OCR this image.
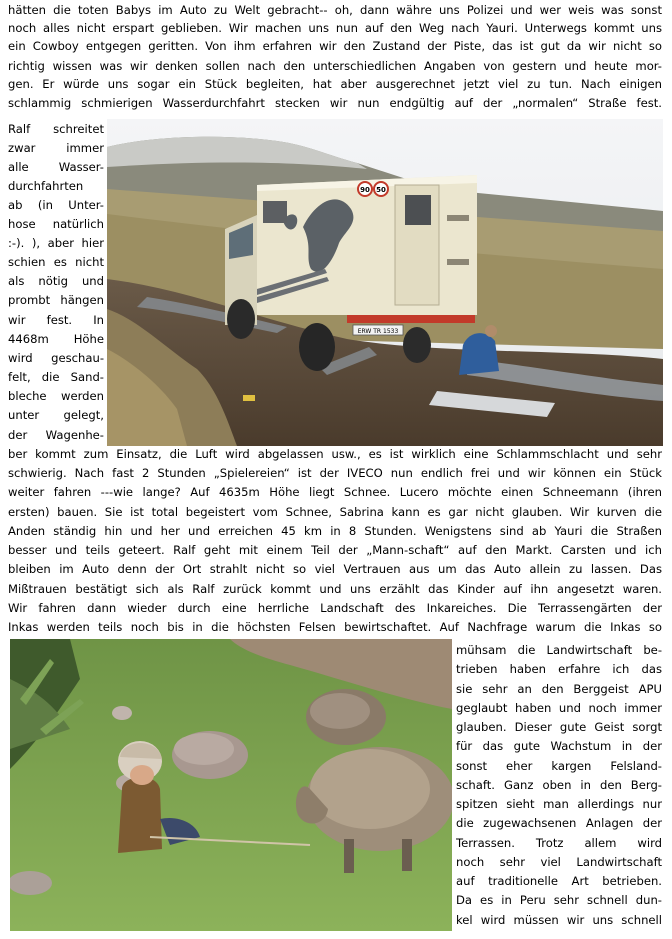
hätten die toten Babys im Auto zu Welt gebracht-- oh, dann währe uns Polizei und wer weis was sonst
noch alles nicht erspart geblieben. Wir machen uns nun auf den Weg nach Yauri. Unterwegs kommt uns
ein Cowboy entgegen geritten. Von ihm erfahren wir den Zustand der Piste, das ist gut da wir nicht so
richtig wissen was wir denken sollen nach den unterschiedlichen Angaben von gestern und heute mor-
gen. Er würde uns sogar ein Stück begleiten, hat aber ausgerechnet jetzt viel zu tun. Nach einigen
schlammig schmierigen Wasserdurchfahrt stecken wir nun endgültig auf der „normalen“ Straße fest.
Ralf schreitet
zwar immer
alle Wasser-
durchfahrten
ab (in Unter-
hose natürlich
:-). ), aber hier
schien es nicht
als nötig und
prombt hängen
wir fest. In
4468m Höhe
wird geschau-
felt, die Sand-
bleche werden
unter gelegt,
der Wagenhe-
90 50
ERW TR 1533
ber kommt zum Einsatz, die Luft wird abgelassen usw., es ist wirklich eine Schlammschlacht und sehr
schwierig. Nach fast 2 Stunden „Spielereien“ ist der IVECO nun endlich frei und wir können ein Stück
weiter fahren ---wie lange? Auf 4635m Höhe liegt Schnee. Lucero möchte einen Schneemann (ihren
ersten) bauen. Sie ist total begeistert vom Schnee, Sabrina kann es gar nicht glauben. Wir kurven die
Anden ständig hin und her und erreichen 45 km in 8 Stunden. Wenigstens sind ab Yauri die Straßen
besser und teils geteert. Ralf geht mit einem Teil der „Mann-schaft“ auf den Markt. Carsten und ich
bleiben im Auto denn der Ort strahlt nicht so viel Vertrauen aus um das Auto allein zu lassen. Das
Mißtrauen bestätigt sich als Ralf zurück kommt und uns erzählt das Kinder auf ihn angesetzt waren.
Wir fahren dann wieder durch eine herrliche Landschaft des Inkareiches. Die Terrassengärten der
Inkas werden teils noch bis in die höchsten Felsen bewirtschaftet. Auf Nachfrage warum die Inkas so
mühsam die Landwirtschaft be-
trieben haben erfahre ich das
sie sehr an den Berggeist APU
geglaubt haben und noch immer
glauben. Dieser gute Geist sorgt
für das gute Wachstum in der
sonst eher kargen Felsland-
schaft. Ganz oben in den Berg-
spitzen sieht man allerdings nur
die zugewachsenen Anlagen der
Terrassen. Trotz allem wird
noch sehr viel Landwirtschaft
auf traditionelle Art betrieben.
Da es in Peru sehr schnell dun-
kel wird müssen wir uns schnell
